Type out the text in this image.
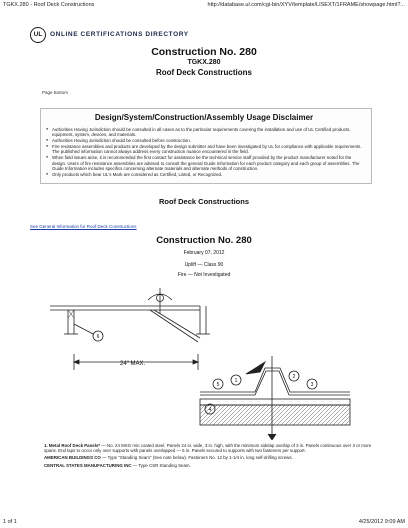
TGKX.280 - Roof Deck Constructions	http://database.ul.com/cgi-bin/XYV/template/LISEXT/1FRAME/showpage.html?...
1 of 1	4/25/2012 9:09 AM
UL	ONLINE CERTIFICATIONS DIRECTORY
Construction No. 280
TGKX.280
Roof Deck Constructions
Page Bottom
Design/System/Construction/Assembly Usage Disclaimer
● Authorities Having Jurisdiction should be consulted in all cases as to the particular requirements covering the installation and use of UL Certified products, equipment, system, devices, and materials.
● Authorities Having Jurisdiction should be consulted before construction.
● Fire resistance assemblies and products are developed by the design submitter and have been investigated by UL for compliance with applicable requirements. The published information cannot always address every construction nuance encountered in the field.
● When field issues arise, it is recommended the first contact for assistance be the technical service staff provided by the product manufacturer noted for the design. Users of fire resistance assemblies are advised to consult the general Guide Information for each product category and each group of assemblies. The Guide Information includes specifics concerning alternate materials and alternate methods of construction.
● Only products which bear UL's Mark are considered as Certified, Listed, or Recognized.
Roof Deck Constructions
See General Information for Roof Deck Constructions
Construction No. 280
February 07, 2012
Uplift — Class 90
Fire — Not Investigated
24" MAX.
1
2
3
4
5
6

1. Metal Roof Deck Panels* — No. 24 MSG min coated steel. Panels 24 in. wide, 3 in. high, with the minimum sidelap overlap of 3 in. Panels continuous over 3 or more spans. End laps to occur only over supports with panels overlapped — 6 in. Panels secured to supports with two fasteners per support.

AMERICAN BUILDINGS CO — Type "Standing Seam" (See note below). Fasteners No. 12 by 1-1/4 in. long self-drilling screws.

CENTRAL STATES MANUFACTURING INC — Type CSR Standing Seam.
